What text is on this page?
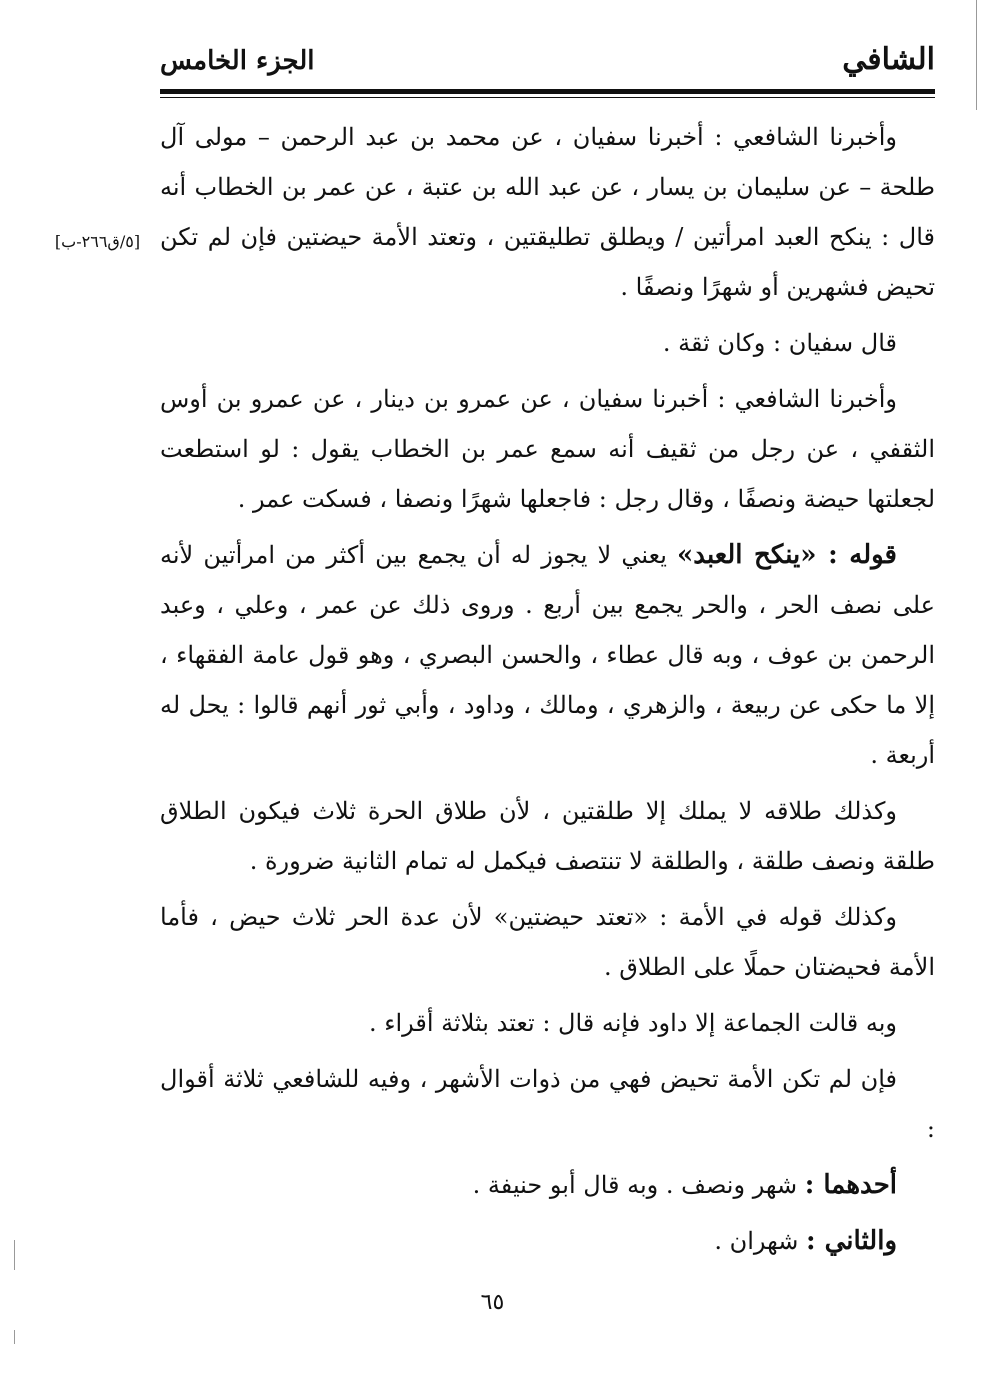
الشافي
الجزء الخامس
[٥/ق٢٦٦-ب]

وأخبرنا الشافعي : أخبرنا سفيان ، عن محمد بن عبد الرحمن – مولى آل طلحة – عن سليمان بن يسار ، عن عبد الله بن عتبة ، عن عمر بن الخطاب أنه قال : ينكح العبد امرأتين / ويطلق تطليقتين ، وتعتد الأمة حيضتين فإن لم تكن تحيض فشهرين أو شهرًا ونصفًا .

قال سفيان : وكان ثقة .

وأخبرنا الشافعي : أخبرنا سفيان ، عن عمرو بن دينار ، عن عمرو بن أوس الثقفي ، عن رجل من ثقيف أنه سمع عمر بن الخطاب يقول : لو استطعت لجعلتها حيضة ونصفًا ، وقال رجل : فاجعلها شهرًا ونصفا ، فسكت عمر .

قوله : «ينكح العبد» يعني لا يجوز له أن يجمع بين أكثر من امرأتين لأنه على نصف الحر ، والحر يجمع بين أربع . وروى ذلك عن عمر ، وعلي ، وعبد الرحمن بن عوف ، وبه قال عطاء ، والحسن البصري ، وهو قول عامة الفقهاء ، إلا ما حكى عن ربيعة ، والزهري ، ومالك ، وداود ، وأبي ثور أنهم قالوا : يحل له أربعة .

وكذلك طلاقه لا يملك إلا طلقتين ، لأن طلاق الحرة ثلاث فيكون الطلاق طلقة ونصف طلقة ، والطلقة لا تنتصف فيكمل له تمام الثانية ضرورة .

وكذلك قوله في الأمة : «تعتد حيضتين» لأن عدة الحر ثلاث حيض ، فأما الأمة فحيضتان حملًا على الطلاق .

وبه قالت الجماعة إلا داود فإنه قال : تعتد بثلاثة أقراء .

فإن لم تكن الأمة تحيض فهي من ذوات الأشهر ، وفيه للشافعي ثلاثة أقوال :

أحدهما : شهر ونصف . وبه قال أبو حنيفة .

والثاني : شهران .

٦٥
